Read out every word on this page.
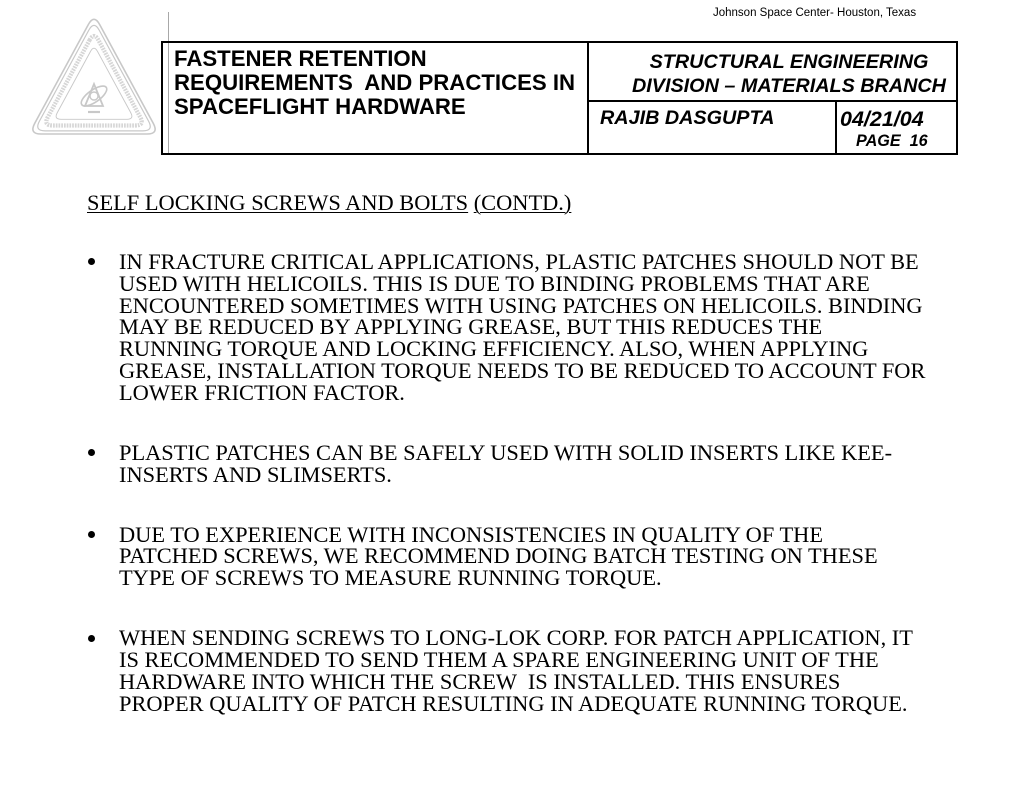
Johnson Space Center- Houston, Texas
FASTENER RETENTION
REQUIREMENTS  AND PRACTICES IN
SPACEFLIGHT HARDWARE
STRUCTURAL ENGINEERING
DIVISION – MATERIALS BRANCH
RAJIB DASGUPTA	04/21/04
PAGE  16
SELF LOCKING SCREWS AND BOLTS (CONTD.)
IN FRACTURE CRITICAL APPLICATIONS, PLASTIC PATCHES SHOULD NOT BE
USED WITH HELICOILS. THIS IS DUE TO BINDING PROBLEMS THAT ARE
ENCOUNTERED SOMETIMES WITH USING PATCHES ON HELICOILS. BINDING
MAY BE REDUCED BY APPLYING GREASE, BUT THIS REDUCES THE
RUNNING TORQUE AND LOCKING EFFICIENCY. ALSO, WHEN APPLYING
GREASE, INSTALLATION TORQUE NEEDS TO BE REDUCED TO ACCOUNT FOR
LOWER FRICTION FACTOR.
PLASTIC PATCHES CAN BE SAFELY USED WITH SOLID INSERTS LIKE KEE-
INSERTS AND SLIMSERTS.
DUE TO EXPERIENCE WITH INCONSISTENCIES IN QUALITY OF THE
PATCHED SCREWS, WE RECOMMEND DOING BATCH TESTING ON THESE
TYPE OF SCREWS TO MEASURE RUNNING TORQUE.
WHEN SENDING SCREWS TO LONG-LOK CORP. FOR PATCH APPLICATION, IT
IS RECOMMENDED TO SEND THEM A SPARE ENGINEERING UNIT OF THE
HARDWARE INTO WHICH THE SCREW  IS INSTALLED. THIS ENSURES
PROPER QUALITY OF PATCH RESULTING IN ADEQUATE RUNNING TORQUE.
